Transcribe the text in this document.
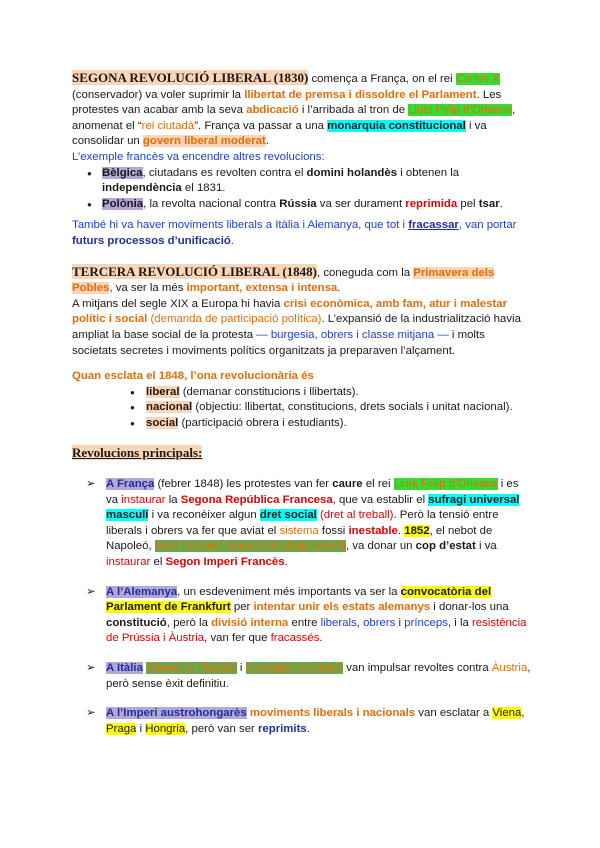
SEGONA REVOLUCIÓ LIBERAL (1830) comença a França, on el rei Carles X
(conservador) va voler suprimir la llibertat de premsa i dissoldre el Parlament. Les protestes van acabar amb la seva abdicació i l’arribada al tron de Lluís Felip d’Orleans, anomenat el “rei ciutadà”. França va passar a una monarquia constitucional i va consolidar un govern liberal moderat.

L’exemple francès va encendre altres revolucions:

● Bèlgica, ciutadans es revolten contra el domini holandès i obtenen la independència el 1831.
● Polònia, la revolta nacional contra Rússia va ser durament reprimida pel tsar.

També hi va haver moviments liberals a Itàlia i Alemanya, que tot i fracassar, van portar futurs processos d’unificació.

TERCERA REVOLUCIÓ LIBERAL (1848), coneguda com la Primavera dels Pobles, va ser la més important, extensa i intensa.

A mitjans del segle XIX a Europa hi havia crisi econòmica, amb fam, atur i malestar polític i social (demanda de participació política). L’expansió de la industrialització havia ampliat la base social de la protesta — burgesia, obrers i classe mitjana — i molts societats secretes i moviments polítics organitzats ja preparaven l’alçament.

Quan esclata el 1848, l’ona revolucionària és

● liberal (demanar constitucions i llibertats).
● nacional (objectiu: llibertat, constitucions, drets socials i unitat nacional).
● social (participació obrera i estudiants).

Revolucions principals:

➢ A França (febrer 1848) les protestes van fer caure el rei Lluís Felip d’Orleans i es va instaurar la Segona República Francesa, que va establir el sufragi universal masculí i va reconèixer algun dret social (dret al treball). Però la tensió entre liberals i obrers va fer que aviat el sistema fossi inestable. 1852, el nebot de Napoleó, Lluís Napoleó Bonaparte (Napoleó III), va donar un cop d’estat i va instaurar el Segon Imperi Francès.
➢ A l’Alemanya, un esdeveniment més importants va ser la convocatòria del Parlament de Frankfurt per intentar unir els estats alemanys i donar-los una constitució, però la divisió interna entre liberals, obrers i prínceps, i la resistència de Prússia i Àustria, van fer que fracassés.
➢ A Itàlia Giuseppe Mazzini i Giuseppe Garibaldi van impulsar revoltes contra Àustria, però sense èxit definitiu.
➢ A l’Imperi austrohongarès moviments liberals i nacionals van esclatar a Viena, Praga i Hongria, però van ser reprimits.
